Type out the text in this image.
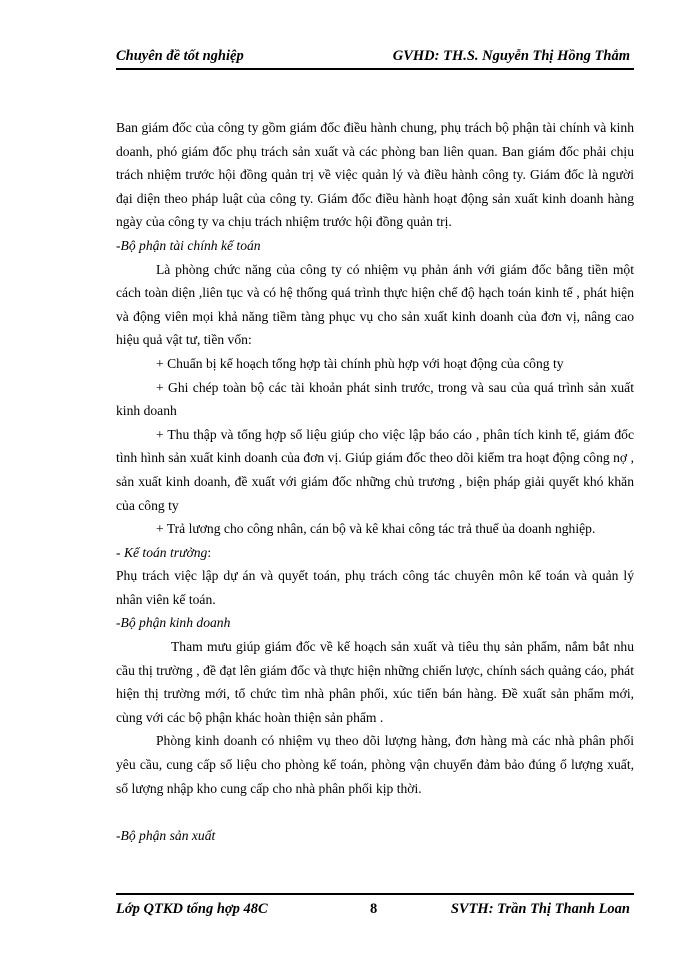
Chuyên đề tốt nghiệp	GVHD: TH.S. Nguyễn Thị Hồng Thắm

Ban giám đốc của công ty gồm giám đốc điều hành chung, phụ trách bộ phận tài chính và kinh doanh, phó giám đốc phụ trách sản xuất và các phòng ban liên quan. Ban giám đốc phải chịu trách nhiệm trước hội đồng quản trị về việc quản lý và điều hành công ty. Giám đốc là người đại diện theo pháp luật của công ty. Giám đốc điều hành hoạt động sản xuất kinh doanh hàng ngày của công ty va chịu trách nhiệm trước hội đồng quản trị.

-Bộ phận tài chính kế toán

Là phòng chức năng của công ty có nhiệm vụ phản ánh với giám đốc bằng tiền một cách toàn diện ,liên tục và có hệ thống quá trình thực hiện chế độ hạch toán kinh tế , phát hiện và động viên mọi khả năng tiềm tàng phục vụ cho sản xuất kinh doanh của đơn vị, nâng cao hiệu quả vật tư, tiền vốn:

+ Chuẩn bị kế hoạch tổng hợp tài chính phù hợp với hoạt động của công ty

+ Ghi chép toàn bộ các tài khoản phát sinh trước, trong và sau của quá trình sản xuất kinh doanh

+ Thu thập và tổng hợp số liệu giúp cho việc lập báo cáo , phân tích kinh tế, giám đốc tình hình sản xuất kinh doanh của đơn vị. Giúp giám đốc theo dõi kiểm tra hoạt động công nợ , sản xuất kinh doanh, đề xuất với giám đốc những chủ trương , biện pháp giải quyết khó khăn của công ty

+ Trả lương cho công nhân, cán bộ và kê khai công tác trả thuế ủa doanh nghiệp.

- Kế toán trưởng:

Phụ trách việc lập dự án và quyết toán, phụ trách công tác chuyên môn kế toán và quản lý nhân viên kế toán.

-Bộ phận kinh doanh

Tham mưu giúp giám đốc về kế hoạch sản xuất và tiêu thụ sản phẩm, nắm bắt nhu cầu thị trường , đề đạt lên giám đốc và thực hiện những chiến lược, chính sách quảng cáo, phát hiện thị trường mới, tổ chức tìm nhà phân phối, xúc tiến bán hàng. Đề xuất sản phẩm mới, cùng với các bộ phận khác hoàn thiện sản phẩm .

Phòng kinh doanh có nhiệm vụ theo dõi lượng hàng, đơn hàng mà các nhà phân phối yêu cầu, cung cấp số liệu cho phòng kế toán, phòng vận chuyển đảm bảo đúng ố lượng xuất, số lượng nhập kho cung cấp cho nhà phân phối kịp thời.

-Bộ phận sản xuất

Lớp QTKD tổng hợp 48C	8	SVTH: Trần Thị Thanh Loan
